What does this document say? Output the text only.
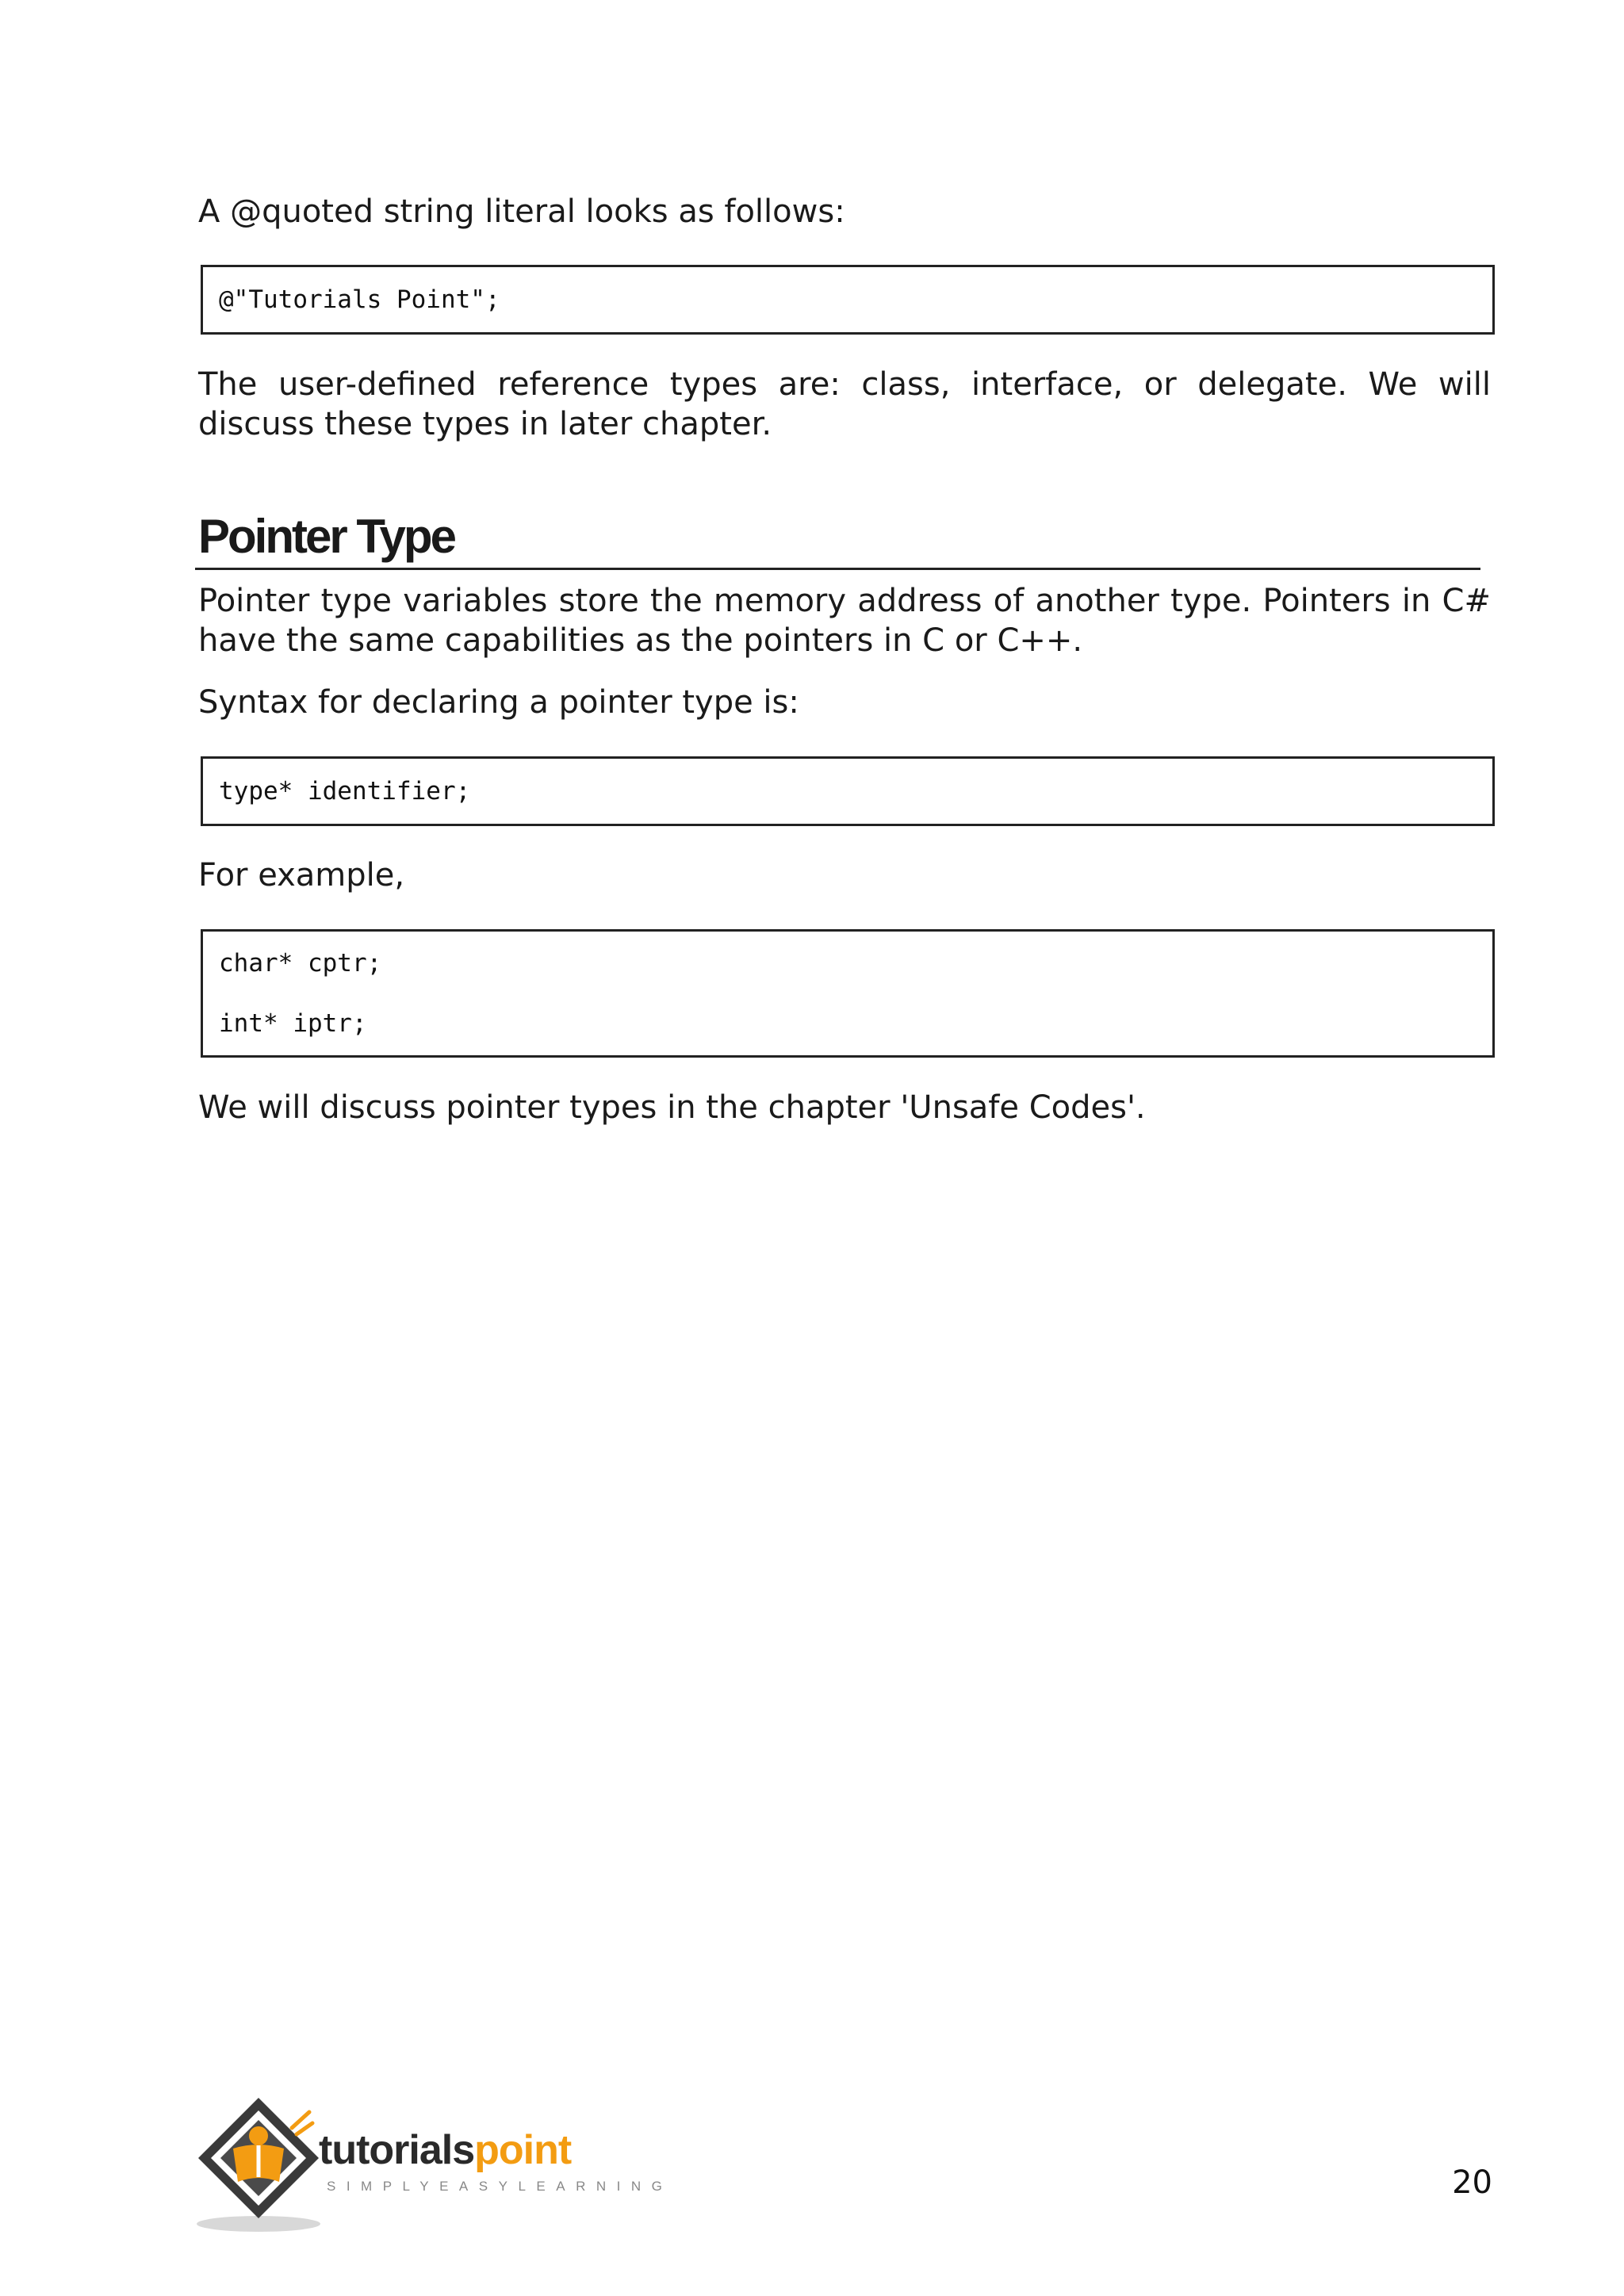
A @quoted string literal looks as follows:

@"Tutorials Point";

The user-defined reference types are: class, interface, or delegate. We will discuss these types in later chapter.

Pointer Type

Pointer type variables store the memory address of another type. Pointers in C# have the same capabilities as the pointers in C or C++.

Syntax for declaring a pointer type is:

type* identifier;

For example,

char* cptr;
int* iptr;

We will discuss pointer types in the chapter 'Unsafe Codes'.

tutorialspoint
SIMPLYEASYLEARNING	20
